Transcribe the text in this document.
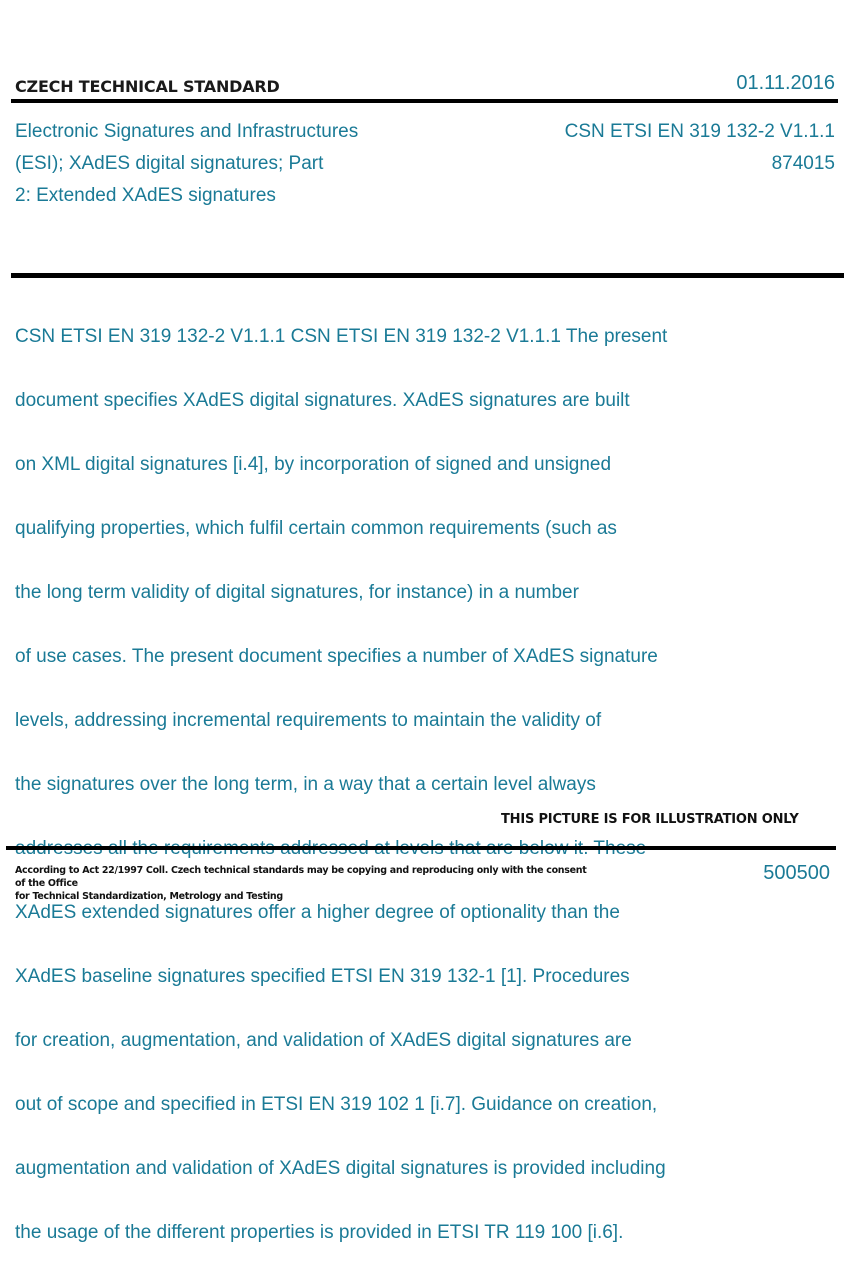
CZECH TECHNICAL STANDARD	01.11.2016
Electronic Signatures and Infrastructures
(ESI); XAdES digital signatures; Part
2: Extended XAdES signatures
CSN ETSI EN 319 132-2 V1.1.1
874015

CSN ETSI EN 319 132-2 V1.1.1 CSN ETSI EN 319 132-2 V1.1.1 The present

document specifies XAdES digital signatures. XAdES signatures are built

on XML digital signatures [i.4], by incorporation of signed and unsigned

qualifying properties, which fulfil certain common requirements (such as

the long term validity of digital signatures, for instance) in a number

of use cases. The present document specifies a number of XAdES signature

levels, addressing incremental requirements to maintain the validity of

the signatures over the long term, in a way that a certain level always

XAdES extended signatures offer a higher degree of optionality than the

XAdES baseline signatures specified ETSI EN 319 132-1 [1]. Procedures

for creation, augmentation, and validation of XAdES digital signatures are

out of scope and specified in ETSI EN 319 102 1 [i.7]. Guidance on creation,

augmentation and validation of XAdES digital signatures is provided including

the usage of the different properties is provided in ETSI TR 119 100 [i.6].

THIS PICTURE IS FOR ILLUSTRATION ONLY
According to Act 22/1997 Coll. Czech technical standards may be copying and reproducing only with the consent of the Office
for Technical Standardization, Metrology and Testing
500500
